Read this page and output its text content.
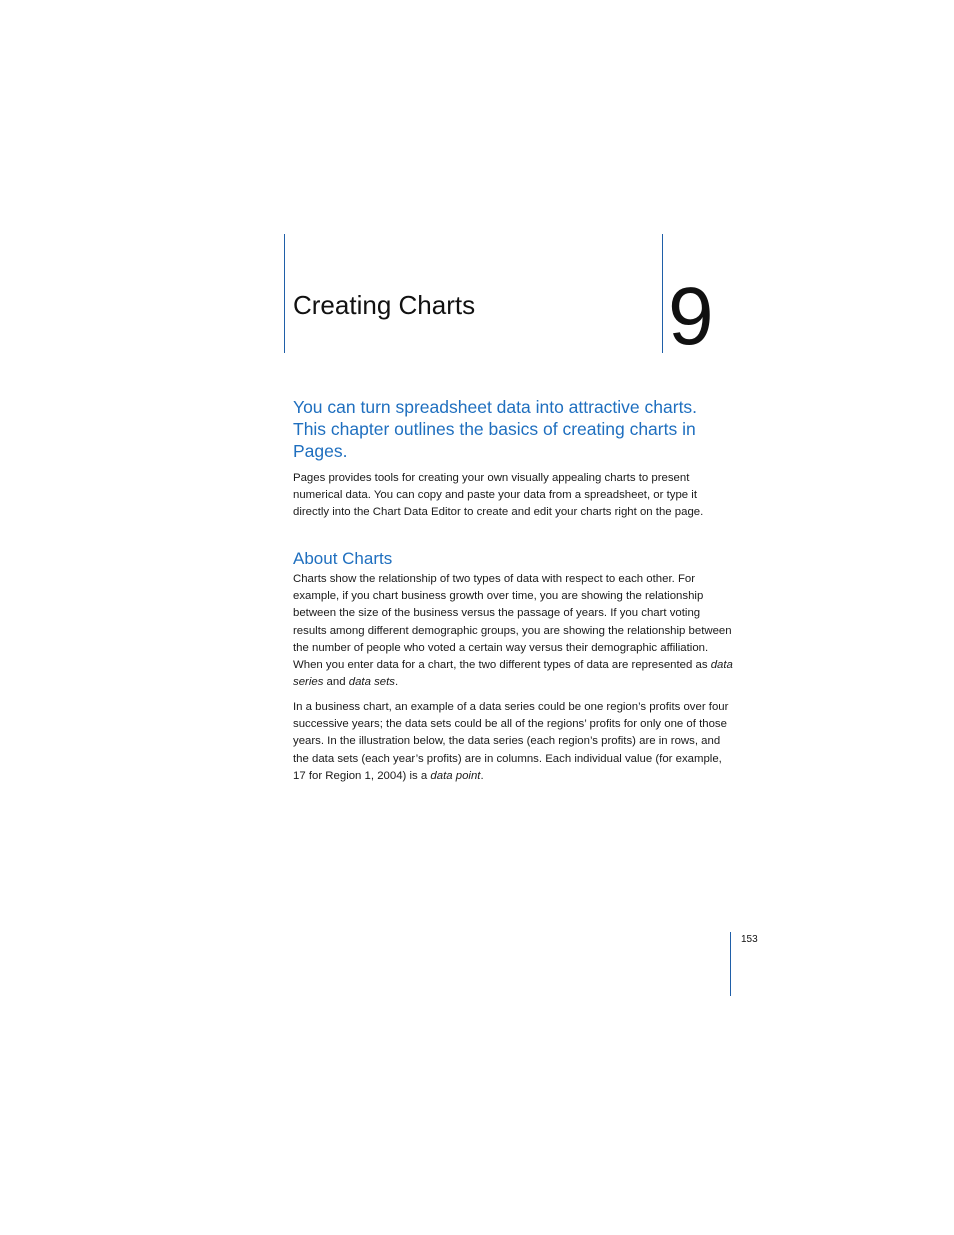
Creating Charts 9

You can turn spreadsheet data into attractive charts. This chapter outlines the basics of creating charts in Pages.

Pages provides tools for creating your own visually appealing charts to present numerical data. You can copy and paste your data from a spreadsheet, or type it directly into the Chart Data Editor to create and edit your charts right on the page.

About Charts

Charts show the relationship of two types of data with respect to each other. For example, if you chart business growth over time, you are showing the relationship between the size of the business versus the passage of years. If you chart voting results among different demographic groups, you are showing the relationship between the number of people who voted a certain way versus their demographic affiliation. When you enter data for a chart, the two different types of data are represented as data series and data sets.

In a business chart, an example of a data series could be one region’s profits over four successive years; the data sets could be all of the regions’ profits for only one of those years. In the illustration below, the data series (each region’s profits) are in rows, and the data sets (each year’s profits) are in columns. Each individual value (for example, 17 for Region 1, 2004) is a data point.

153
